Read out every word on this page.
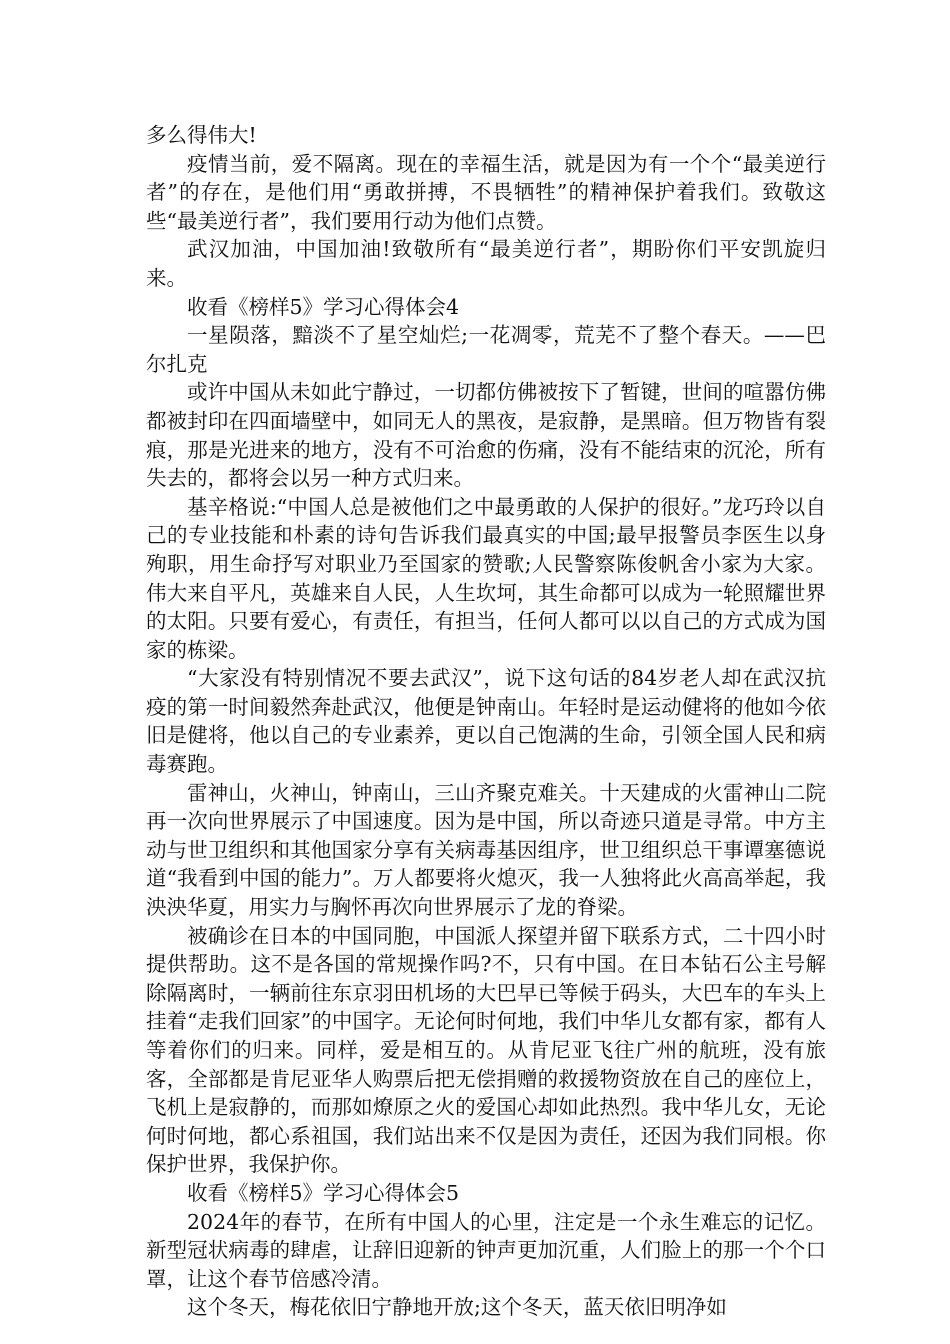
多么得伟大!

疫情当前，爱不隔离。现在的幸福生活，就是因为有一个个“最美逆行者”的存在，是他们用“勇敢拼搏，不畏牺牲”的精神保护着我们。致敬这些“最美逆行者”，我们要用行动为他们点赞。

武汉加油，中国加油!致敬所有“最美逆行者”，期盼你们平安凯旋归来。

收看《榜样5》学习心得体会4

一星陨落，黯淡不了星空灿烂;一花凋零，荒芜不了整个春天。——巴尔扎克

或许中国从未如此宁静过，一切都仿佛被按下了暂键，世间的喧嚣仿佛都被封印在四面墙壁中，如同无人的黑夜，是寂静，是黑暗。但万物皆有裂痕，那是光进来的地方，没有不可治愈的伤痛，没有不能结束的沉沦，所有失去的，都将会以另一种方式归来。

基辛格说:“中国人总是被他们之中最勇敢的人保护的很好。”龙巧玲以自己的专业技能和朴素的诗句告诉我们最真实的中国;最早报警员李医生以身殉职，用生命抒写对职业乃至国家的赞歌;人民警察陈俊帆舍小家为大家。伟大来自平凡，英雄来自人民，人生坎坷，其生命都可以成为一轮照耀世界的太阳。只要有爱心，有责任，有担当，任何人都可以以自己的方式成为国家的栋梁。

“大家没有特别情况不要去武汉”，说下这句话的84岁老人却在武汉抗疫的第一时间毅然奔赴武汉，他便是钟南山。年轻时是运动健将的他如今依旧是健将，他以自己的专业素养，更以自己饱满的生命，引领全国人民和病毒赛跑。

雷神山，火神山，钟南山，三山齐聚克难关。十天建成的火雷神山二院再一次向世界展示了中国速度。因为是中国，所以奇迹只道是寻常。中方主动与世卫组织和其他国家分享有关病毒基因组序，世卫组织总干事谭塞德说道“我看到中国的能力”。万人都要将火熄灭，我一人独将此火高高举起，我泱泱华夏，用实力与胸怀再次向世界展示了龙的脊梁。

被确诊在日本的中国同胞，中国派人探望并留下联系方式，二十四小时提供帮助。这不是各国的常规操作吗?不，只有中国。在日本钻石公主号解除隔离时，一辆前往东京羽田机场的大巴早已等候于码头，大巴车的车头上挂着“走我们回家”的中国字。无论何时何地，我们中华儿女都有家，都有人等着你们的归来。同样，爱是相互的。从肯尼亚飞往广州的航班，没有旅客，全部都是肯尼亚华人购票后把无偿捐赠的救援物资放在自己的座位上，飞机上是寂静的，而那如燎原之火的爱国心却如此热烈。我中华儿女，无论何时何地，都心系祖国，我们站出来不仅是因为责任，还因为我们同根。你保护世界，我保护你。

收看《榜样5》学习心得体会5

2024年的春节，在所有中国人的心里，注定是一个永生难忘的记忆。新型冠状病毒的肆虐，让辞旧迎新的钟声更加沉重，人们脸上的那一个个口罩，让这个春节倍感冷清。

这个冬天，梅花依旧宁静地开放;这个冬天，蓝天依旧明净如
